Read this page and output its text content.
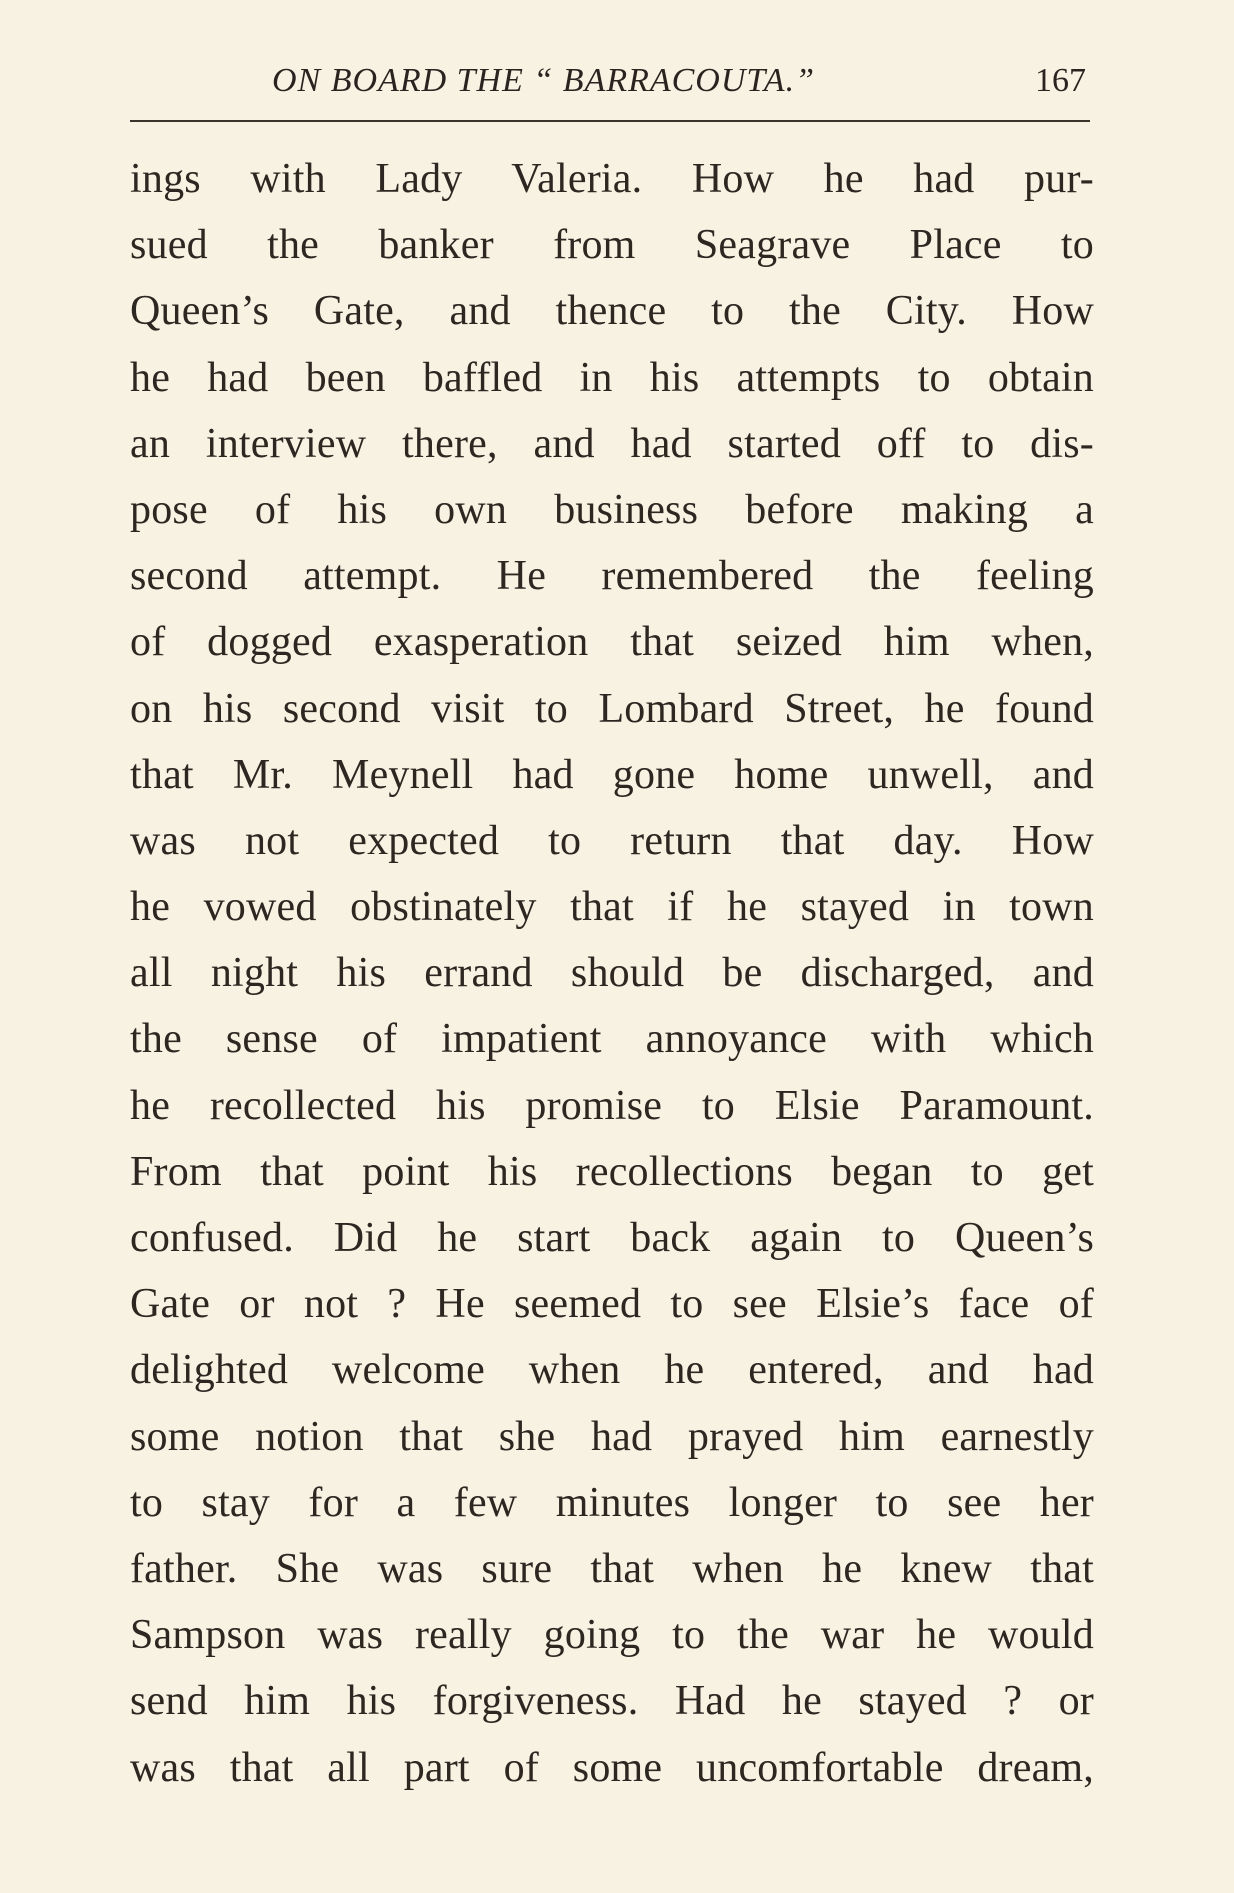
ON BOARD THE “ BARRACOUTA.”	167
ings with Lady Valeria. How he had pur-
sued the banker from Seagrave Place to
Queen’s Gate, and thence to the City. How
he had been baffled in his attempts to obtain
an interview there, and had started off to dis-
pose of his own business before making a
second attempt. He remembered the feeling
of dogged exasperation that seized him when,
on his second visit to Lombard Street, he found
that Mr. Meynell had gone home unwell, and
was not expected to return that day. How
he vowed obstinately that if he stayed in town
all night his errand should be discharged, and
the sense of impatient annoyance with which
he recollected his promise to Elsie Paramount.
From that point his recollections began to get
confused. Did he start back again to Queen’s
Gate or not ? He seemed to see Elsie’s face of
delighted welcome when he entered, and had
some notion that she had prayed him earnestly
to stay for a few minutes longer to see her
father. She was sure that when he knew that
Sampson was really going to the war he would
send him his forgiveness. Had he stayed ? or
was that all part of some uncomfortable dream,
